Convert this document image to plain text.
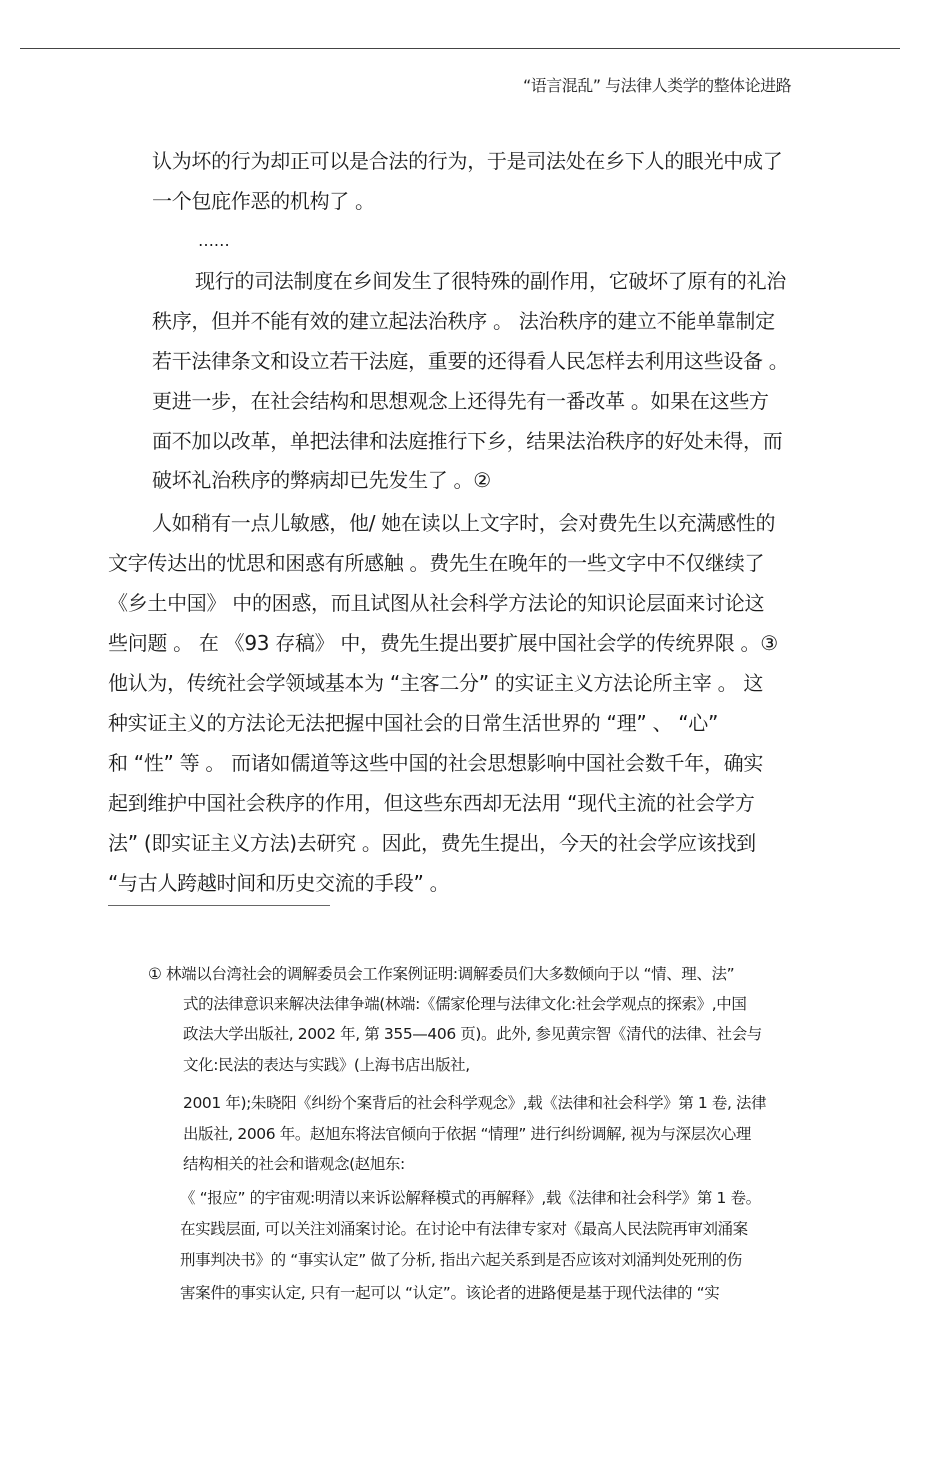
“语言混乱” 与法律人类学的整体论进路
认为坏的行为却正可以是合法的行为，于是司法处在乡下人的眼光中成了
一个包庇作恶的机构了 。
……
现行的司法制度在乡间发生了很特殊的副作用，它破坏了原有的礼治
秩序，但并不能有效的建立起法治秩序 。 法治秩序的建立不能单靠制定
若干法律条文和设立若干法庭，重要的还得看人民怎样去利用这些设备 。
更进一步，在社会结构和思想观念上还得先有一番改革 。如果在这些方
面不加以改革，单把法律和法庭推行下乡，结果法治秩序的好处未得，而
破坏礼治秩序的弊病却已先发生了 。②
人如稍有一点儿敏感，他/ 她在读以上文字时，会对费先生以充满感性的
文字传达出的忧思和困惑有所感触 。费先生在晚年的一些文字中不仅继续了
《乡土中国》 中的困惑，而且试图从社会科学方法论的知识论层面来讨论这
些问题 。 在 《93 存稿》 中，费先生提出要扩展中国社会学的传统界限 。③
他认为，传统社会学领域基本为 “主客二分” 的实证主义方法论所主宰 。 这
种实证主义的方法论无法把握中国社会的日常生活世界的 “理” 、 “心”
和 “性” 等 。 而诸如儒道等这些中国的社会思想影响中国社会数千年，确实
起到维护中国社会秩序的作用，但这些东西却无法用 “现代主流的社会学方
法” (即实证主义方法)去研究 。因此，费先生提出，今天的社会学应该找到
“与古人跨越时间和历史交流的手段” 。
① 林端以台湾社会的调解委员会工作案例证明:调解委员们大多数倾向于以 “情、理、法”
式的法律意识来解决法律争端(林端:《儒家伦理与法律文化:社会学观点的探索》,中国
政法大学出版社, 2002 年, 第 355—406 页)。此外, 参见黄宗智《清代的法律、社会与
文化:民法的表达与实践》(上海书店出版社,
2001 年);朱晓阳《纠纷个案背后的社会科学观念》,载《法律和社会科学》第 1 卷, 法律
出版社, 2006 年。赵旭东将法官倾向于依据 “情理” 进行纠纷调解, 视为与深层次心理
结构相关的社会和谐观念(赵旭东:
《 “报应” 的宇宙观:明清以来诉讼解释模式的再解释》,载《法律和社会科学》第 1 卷。
在实践层面, 可以关注刘涌案讨论。在讨论中有法律专家对《最高人民法院再审刘涌案
刑事判决书》的 “事实认定” 做了分析, 指出六起关系到是否应该对刘涌判处死刑的伤
害案件的事实认定, 只有一起可以 “认定”。该论者的进路便是基于现代法律的 “实
